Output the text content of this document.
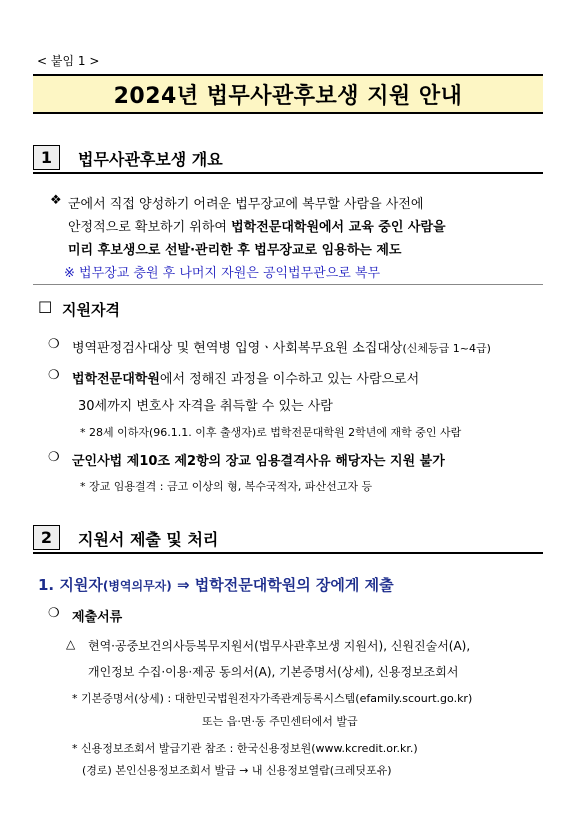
< 붙임 1 >
2024년 법무사관후보생 지원 안내
1	법무사관후보생 개요
❖ 군에서 직접 양성하기 어려운 법무장교에 복무할 사람을 사전에
안정적으로 확보하기 위하여 법학전문대학원에서 교육 중인 사람을
미리 후보생으로 선발·관리한 후 법무장교로 임용하는 제도
※ 법무장교 충원 후 나머지 자원은 공익법무관으로 복무
☐ 지원자격
❍ 병역판정검사대상 및 현역병 입영ㆍ사회복무요원 소집대상(신체등급 1~4급)
❍ 법학전문대학원에서 정해진 과정을 이수하고 있는 사람으로서
30세까지 변호사 자격을 취득할 수 있는 사람
* 28세 이하자(96.1.1. 이후 출생자)로 법학전문대학원 2학년에 재학 중인 사람
❍ 군인사법 제10조 제2항의 장교 임용결격사유 해당자는 지원 불가
* 장교 임용결격 : 금고 이상의 형, 복수국적자, 파산선고자 등
2	지원서 제출 및 처리
1. 지원자(병역의무자) ⇒ 법학전문대학원의 장에게 제출
❍ 제출서류
△ 현역·공중보건의사등복무지원서(법무사관후보생 지원서), 신원진술서(A),
개인정보 수집·이용·제공 동의서(A), 기본증명서(상세), 신용정보조회서
* 기본증명서(상세) : 대한민국법원전자가족관계등록시스템(efamily.scourt.go.kr)
또는 읍·면·동 주민센터에서 발급
* 신용정보조회서 발급기관 참조 : 한국신용정보원(www.kcredit.or.kr.)
(경로) 본인신용정보조회서 발급 → 내 신용정보열람(크레딧포유)
